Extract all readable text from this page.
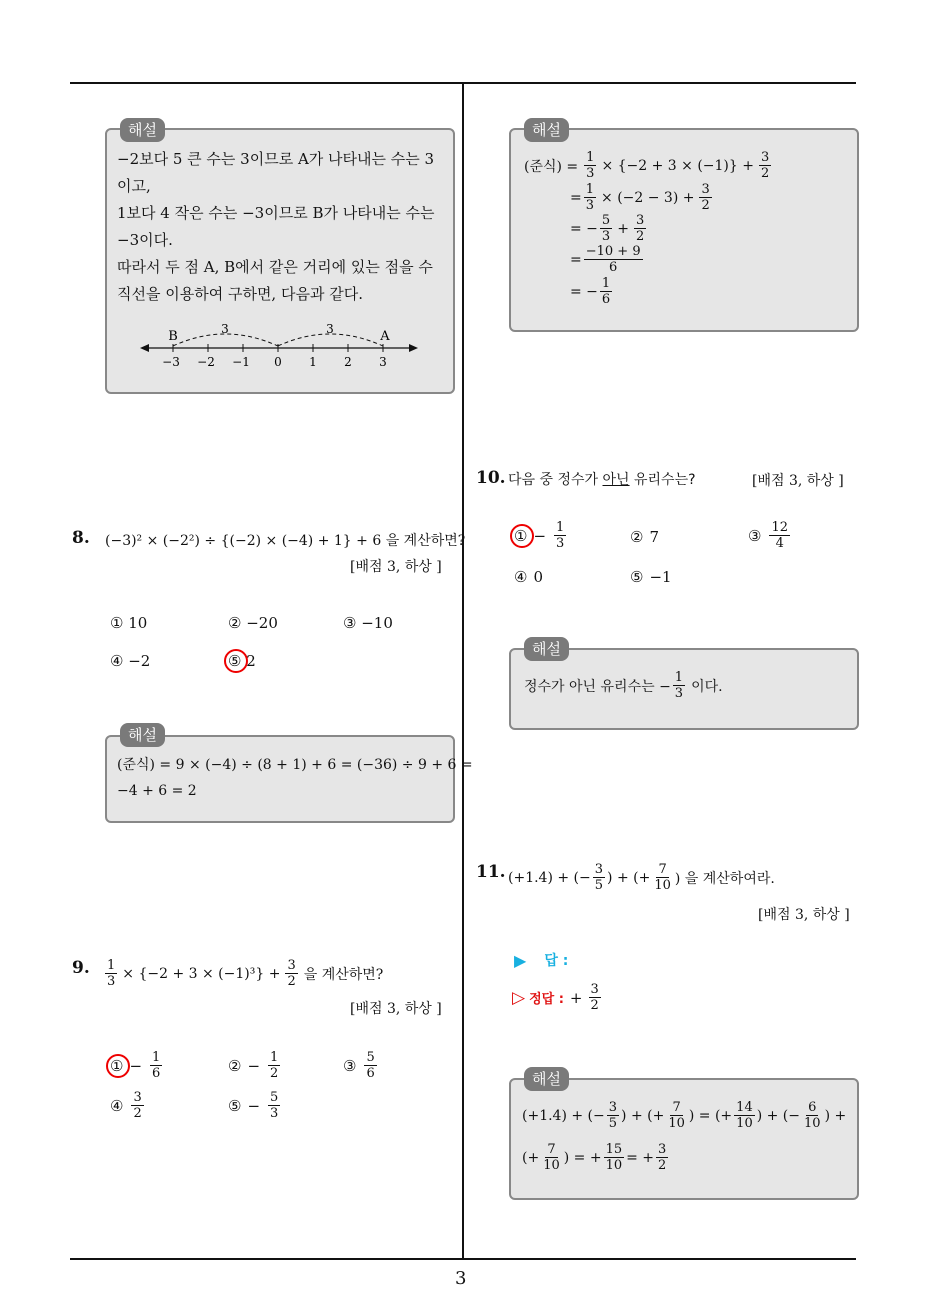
3
해설
−2보다 5 큰 수는 3이므로 A가 나타내는 수는 3
이고,
1보다 4 작은 수는 −3이므로 B가 나타내는 수는
−3이다.
따라서 두 점 A, B에서 같은 거리에 있는 점을 수
직선을 이용하여 구하면, 다음과 같다.
3	3
B	A
−3 −2 −1 0 1 2 3
8. (−3)² × (−2²) ÷ {(−2) × (−4) + 1} + 6 을 계산하면?
[배점 3, 하상 ]
① 10	② −20	③ −10
④ −2	⑤ 2
해설
(준식) = 9 × (−4) ÷ (8 + 1) + 6 = (−36) ÷ 9 + 6 =
−4 + 6 = 2
9. $\frac{1}{3} \times \{-2 + 3 \times (-1)^3\} + \frac{3}{2}$ 을 계산하면?
[배점 3, 하상 ]
① − $\frac{1}{6}$	② − $\frac{1}{2}$	③ $\frac{5}{6}$
④ $\frac{3}{2}$	⑤ − $\frac{5}{3}$
해설
(준식) = $\frac{1}{3} \times \{-2 + 3 \times (-1)\} + \frac{3}{2}$
= $\frac{1}{3} \times (-2 - 3) + \frac{3}{2}$
= − $\frac{5}{3} + \frac{3}{2}$
= $\frac{-10 + 9}{6}$
= − $\frac{1}{6}$
10. 다음 중 정수가 아닌 유리수는?	[배점 3, 하상 ]
① − $\frac{1}{3}$	② 7	③ $\frac{12}{4}$
④ 0	⑤ −1
해설
정수가 아닌 유리수는 − $\frac{1}{3}$ 이다.
11. (+1.4) + (− $\frac{3}{5}$ ) + (+ $\frac{7}{10}$ ) 을 계산하여라.
[배점 3, 하상 ]
▶ 답 :
▷ 정답 : + $\frac{3}{2}$
해설
(+1.4) + (− $\frac{3}{5}$ ) + (+ $\frac{7}{10}$ ) = (+ $\frac{14}{10}$ ) + (− $\frac{6}{10}$ ) +
(+ $\frac{7}{10}$ ) = + $\frac{15}{10}$ = + $\frac{3}{2}$
